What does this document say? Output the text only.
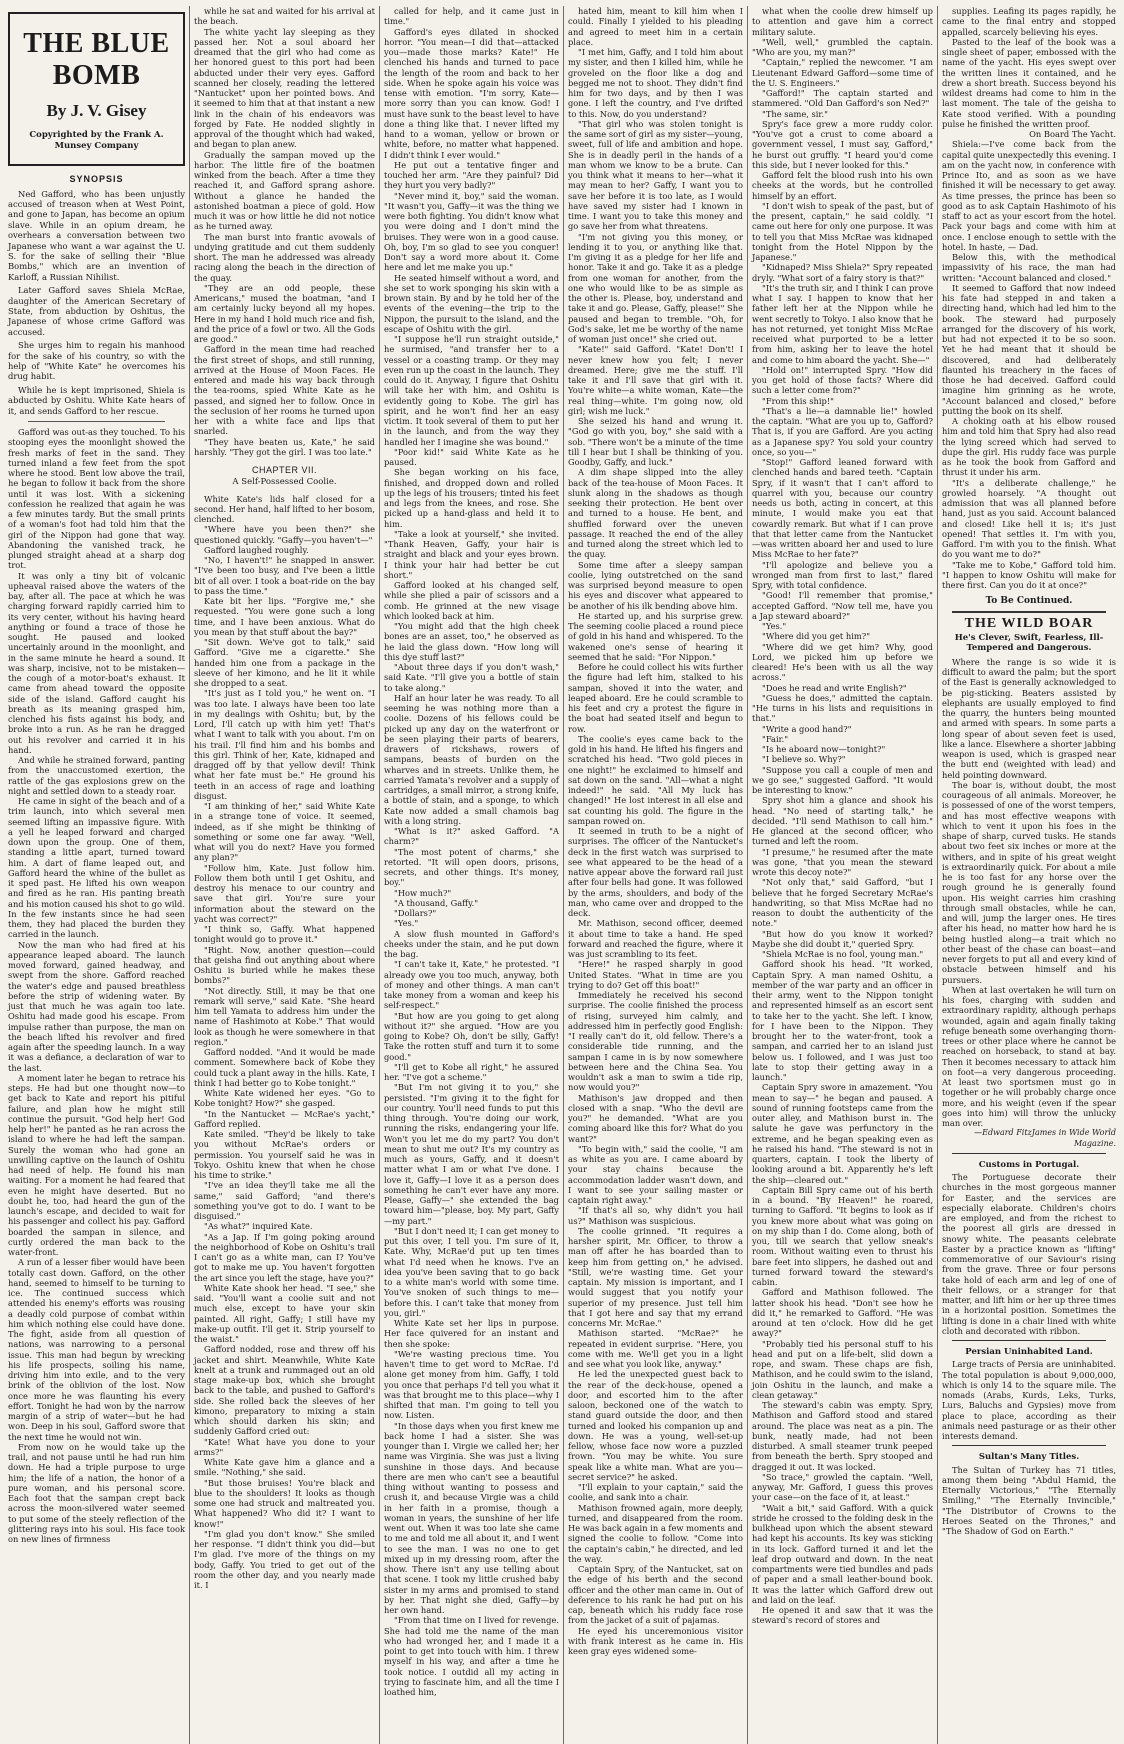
THE BLUE BOMB
By J. V. Gisey
Copyrighted by the Frank A. Munsey Company
SYNOPSIS

Ned Gafford, who has been unjustly accused of treason when at West Point, and gone to Japan, has become an opium slave. While in an opium dream, he overhears a conversation between two Japanese who want a war against the U. S. for the sake of selling their "Blue Bombs," which are an invention of Karloff, a Russian Nihilist.

Later Gafford saves Shiela McRae, daughter of the American Secretary of State, from abduction by Oshitus, the Japanese of whose crime Gafford was accused.

She urges him to regain his manhood for the sake of his country, so with the help of "White Kate" he overcomes his drug habit.

While he is kept imprisoned, Shiela is abducted by Oshitu. White Kate hears of it, and sends Gafford to her rescue.

Gafford was out-as they touched. To his stooping eyes the moonlight showed the fresh marks of feet in the sand. They turned inland a few feet from the spot where he stood. Bent low above the trail, he began to follow it back from the shore until it was lost. With a sickening confession he realized that again he was a few minutes tardy. But the small prints of a woman's foot had told him that the girl of the Nippon had gone that way. Abandoning the vanished track, he plunged straight ahead at a sharp dog trot.

It was only a tiny bit of volcanic upheaval raised above the waters of the bay, after all. The pace at which he was charging forward rapidly carried him to its very center, without his having heard anything or found a trace of those he sought. He paused and looked uncertainly around in the moonlight, and in the same minute he heard a sound. It was sharp, incisive, not to be mistaken—the cough of a motor-boat's exhaust. It came from ahead toward the opposite side of the island. Gafford caught his breath as its meaning grasped him, clenched his fists against his body, and broke into a run. As he ran he dragged out his revolver and carried it in his hand.

And while he strained forward, panting from the unaccustomed exertion, the rattle of the gas explosions grew on the night and settled down to a steady roar.

He came in sight of the beach and of a trim launch, into which several men seemed lifting an impassive figure. With a yell he leaped forward and charged down upon the group. One of them, standing a little apart, turned toward him. A dart of flame leaped out, and Gafford heard the whine of the bullet as it sped past. He lifted his own weapon and fired as he ran. His panting breath and his motion caused his shot to go wild. In the few instants since he had seen them, they had placed the burden they carried in the launch.

Now the man who had fired at his appearance leaped aboard. The launch moved forward, gained headway, and swept from the shore. Gafford reached the water's edge and paused breathless before the strip of widening water. By just that much he was again too late. Oshitu had made good his escape. From impulse rather than purpose, the man on the beach lifted his revolver and fired again after the speeding launch. In a way it was a defiance, a declaration of war to the last.

A moment later he began to retrace his steps. He had but one thought now—to get back to Kate and report his pitiful failure, and plan how he might still continue the pursuit. "God help her! God help her!" he panted as he ran across the island to where he had left the sampan. Surely the woman who had gone an unwilling captive on the launch of Oshitu had need of help. He found his man waiting. For a moment he had feared that even he might have deserted. But no doubt he, too, had heard the gun of the launch's escape, and decided to wait for his passenger and collect his pay. Gafford boarded the sampan in silence, and curtly ordered the man back to the water-front.

A run of a lesser fiber would have been totally cast down. Gafford, on the other hand, seemed to himself to be turning to ice. The continued success which attended his enemy's efforts was rousing a deadly cold purpose of combat within him which nothing else could have done. The fight, aside from all question of nations, was narrowing to a personal issue. This man had begun by wrecking his life prospects, soiling his name, driving him into exile, and to the very brink of the oblivion of the lost. Now once more he was flaunting his every effort. Tonight he had won by the narrow margin of a strip of water—but he had won. Deep in his soul, Gafford swore that the next time he would not win.

From now on he would take up the trail, and not pause until he had run him down. He had a triple purpose to urge him; the life of a nation, the honor of a pure woman, and his personal score. Each foot that the sampan crept back across the moon-silvered water seemed to put some of the steely reflection of the glittering rays into his soul. His face took on new lines of firmness

while he sat and waited for his arrival at the beach.

The white yacht lay sleeping as they passed her. Not a soul aboard her dreamed that the girl who had come as her honored guest to this port had been abducted under their very eyes. Gafford scanned her closely, reading the lettered "Nantucket" upon her pointed bows. And it seemed to him that at that instant a new link in the chain of his endeavors was forged by Fate. He nodded slightly in approval of the thought which had waked, and began to plan anew.

Gradually the sampan moved up the harbor. The little fire of the boatmen winked from the beach. After a time they reached it, and Gafford sprang ashore. Without a glance he handed the astonished boatman a piece of gold. How much it was or how little he did not notice as he turned away.

The man burst into frantic avowals of undying gratitude and cut them suddenly short. The man he addressed was already racing along the beach in the direction of the quay.

"They are an odd people, these Americans," mused the boatman, "and I am certainly lucky beyond all my hopes. Here in my hand I hold much rice and fish, and the price of a fowl or two. All the Gods are good."

Gafford in the mean time had reached the first street of shops, and still running, arrived at the House of Moon Faces. He entered and made his way back through the tea-rooms, spied White Kate as he passed, and signed her to follow. Once in the seclusion of her rooms he turned upon her with a white face and lips that snarled.

"They have beaten us, Kate," he said harshly. "They got the girl. I was too late."

CHAPTER VII.
A Self-Possessed Coolie.

White Kate's lids half closed for a second. Her hand, half lifted to her bosom, clenched.

"Where have you been then?" she questioned quickly. "Gaffy—you haven't—"

Gafford laughed roughly.

"No, I haven't!" he snapped in answer. "I've been too busy, and I've been a little bit of all over. I took a boat-ride on the bay to pass the time."

Kate bit her lips. "Forgive me," she requested. "You were gone such a long time, and I have been anxious. What do you mean by that stuff about the bay?"

"Sit down. We've got to talk," said Gafford. "Give me a cigarette." She handed him one from a package in the sleeve of her kimono, and he lit it while she dropped to a seat.

"It's just as I told you," he went on. "I was too late. I always have been too late in my dealings with Oshitu; but, by the Lord, I'll catch up with him yet! That's what I want to talk with you about. I'm on his trail. I'll find him and his bombs and this girl. Think of her, Kate, kidnaped and dragged off by that yellow devil! Think what her fate must be." He ground his teeth in an access of rage and loathing disgust.

"I am thinking of her," said White Kate in a strange tone of voice. It seemed, indeed, as if she might be thinking of something or some one far away. "Well, what will you do next? Have you formed any plan?"

"Follow him, Kate. Just follow him. Follow them both until I get Oshitu, and destroy his menace to our country and save that girl. You're sure your information about the steward on the yacht was correct?"

"I think so, Gaffy. What happened tonight would go to prove it."

"Right. Now, another question—could that geisha find out anything about where Oshitu is buried while he makes these bombs?"

"Not directly. Still, it may be that one remark will serve," said Kate. "She heard him tell Yamata to address him under the name of Hashimoto at Kobe." That would look as though he were somewhere in that region."

Gafford nodded. "And it would be made comment. Somewhere back of Kobe they could tuck a plant away in the hills. Kate, I think I had better go to Kobe tonight."

White Kate widened her eyes. "Go to Kobe tonight? How?" she gasped.

"In the Nantucket — McRae's yacht," Gafford replied.

Kate smiled. "They'd be likely to take you without McRae's orders or permission. You yourself said he was in Tokyo. Oshitu knew that when he chose his time to strike."

"I've an idea they'll take me all the same," said Gafford; "and there's something you've got to do. I want to be disguised."

"As what?" inquired Kate.

"As a Jap. If I'm going poking around the neighborhood of Kobe on Oshitu's trail I can't go as a white man, can I? You've got to make me up. You haven't forgotten the art since you left the stage, have you?"

White Kate shook her head. "I see," she said. "You'll want a coolie suit and not much else, except to have your skin painted. All right, Gaffy; I still have my make-up outfit. I'll get it. Strip yourself to the waist."

Gafford nodded, rose and threw off his jacket and shirt. Meanwhile, White Kate knelt at a trunk and rummaged out an old stage make-up box, which she brought back to the table, and pushed to Gafford's side. She rolled back the sleeves of her kimono, preparatory to mixing a stain which should darken his skin; and suddenly Gafford cried out:

"Kate! What have you done to your arms?"

White Kate gave him a glance and a smile. "Nothing," she said.

"But those bruises! You're black and blue to the shoulders! It looks as though some one had struck and maltreated you. What happened? Who did it? I want to know!"

"I'm glad you don't know." She smiled her response. "I didn't think you did—but I'm glad. I've more of the things on my body, Gaffy. You tried to get out of the room the other day, and you nearly made it. I

called for help, and it came just in time."

Gafford's eyes dilated in shocked horror. "You mean—I did that—attacked you—made those marks? Kate!" He clenched his hands and turned to pace the length of the room and back to her side. When he spoke again his voice was tense with emotion. "I'm sorry, Kate—more sorry than you can know. God! I must have sunk to the beast level to have done a thing like that. I never lifted my hand to a woman, yellow or brown or white, before, no matter what happened. I didn't think I ever would."

He put out a tentative finger and touched her arm. "Are they painful? Did they hurt you very badly?"

"Never mind it, boy," said the woman. "It wasn't you, Gaffy—it was the thing we were both fighting. You didn't know what you were doing and I don't mind the bruises. They were won in a good cause. Oh, boy, I'm so glad to see you conquer! Don't say a word more about it. Come here and let me make you up."

He seated himself without a word, and she set to work sponging his skin with a brown stain. By and by he told her of the events of the evening—the trip to the Nippon, the pursuit to the island, and the escape of Oshitu with the girl.

"I suppose he'll run straight outside," he surmised, "and transfer her to a vessel or a coasting tramp. Or they may even run up the coast in the launch. They could do it. Anyway, I figure that Oshitu will take her with him, and Oshitu is evidently going to Kobe. The girl has spirit, and he won't find her an easy victim. It took several of them to put her in the launch, and from the way they handled her I imagine she was bound."

"Poor kid!" said White Kate as he paused.

She began working on his face, finished, and dropped down and rolled up the legs of his trousers; tinted his feet and legs from the knees, and rose. She picked up a hand-glass and held it to him.

"Take a look at yourself," she invited. "Thank Heaven, Gaffy, your hair is straight and black and your eyes brown. I think your hair had better be cut short."

Gafford looked at his changed self, while she plied a pair of scissors and a comb. He grinned at the new visage which looked back at him.

"You might add that the high cheek bones are an asset, too," he observed as he laid the glass down. "How long will this dye stuff last?"

"About three days if you don't wash," said Kate. "I'll give you a bottle of stain to take along."

Half an hour later he was ready. To all seeming he was nothing more than a coolie. Dozens of his fellows could be picked up any day on the waterfront or be seen playing their parts of bearers, drawers of rickshaws, rowers of sampans, beasts of burden on the wharves and in streets. Unlike them, he carried Yamata's revolver and a supply of cartridges, a small mirror, a strong knife, a bottle of stain, and a sponge, to which Kate now added a small chamois bag with a long string.

"What is it?" asked Gafford. "A charm?"

"The most potent of charms," she retorted. "It will open doors, prisons, secrets, and other things. It's money, boy."

"How much?"

"A thousand, Gaffy."

"Dollars?"

"Yes."

A slow flush mounted in Gafford's cheeks under the stain, and he put down the bag.

"I can't take it, Kate," he protested. "I already owe you too much, anyway, both of money and other things. A man can't take money from a woman and keep his self-respect."

"But how are you going to get along without it?" she argued. "How are you going to Kobe? Oh, don't be silly, Gaffy! Take the rotten stuff and turn it to some good."

"I'll get to Kobe all right," he assured her. "I've got a scheme."

"But I'm not giving it to you," she persisted. "I'm giving it to the fight for our country. You'll need funds to put this thing through. You're doing our work, running the risks, endangering your life. Won't you let me do my part? You don't mean to shut me out? It's my country as much as yours, Gaffy, and it doesn't matter what I am or what I've done. I love it, Gaffy—I love it as a person does something he can't ever have any more. Please, Gaffy—" she extended the bag toward him—"please, boy. My part, Gaffy—my part."

"But I don't need it; I can get money to put this over, I tell you. I'm sure of it, Kate. Why, McRae'd put up ten times what I'd need when he knows. I've an idea you've been saving that to go back to a white man's world with some time. You've snoken of such things to me—before this. I can't take that money from you, girl."

White Kate set her lips in purpose. Her face quivered for an instant and then she spoke:

"We're wasting precious time. You haven't time to get word to McRae. I'd alone get money from him. Gaffy, I told you once that perhaps I'd tell you what it was that brought me to this place—why I shifted that man. I'm going to tell you now. Listen.

"In those days when you first knew me back home I had a sister. She was younger than I. Virgie we called her; her name was Virginia. She was just a living sunshine in those days. And because there are men who can't see a beautiful thing without wanting to possess and crush it, and because Virgie was a child in her faith in a promise, though a woman in years, the sunshine of her life went out. When it was too late she came to me and told me all about it, and I went to see the man. I was no one to get mixed up in my dressing room, after the show. There isn't any use telling about that scene. I took my little crushed baby sister in my arms and promised to stand by her. That night she died, Gaffy—by her own hand.

"From that time on I lived for revenge. She had told me the name of the man who had wronged her, and I made it a point to get into touch with him. I threw myself in his way, and after a time he took notice. I outdid all my acting in trying to fascinate him, and all the time I loathed him,

hated him, meant to kill him when I could. Finally I yielded to his pleading and agreed to meet him in a certain place.

"I met him, Gaffy, and I told him about my sister, and then I killed him, while he groveled on the floor like a dog and begged me not to shoot. They didn't find him for two days, and by then I was gone. I left the country, and I've drifted to this. Now, do you understand?

"That girl who was stolen tonight is the same sort of girl as my sister—young, sweet, full of life and ambition and hope. She is in deadly peril in the hands of a man whom we know to be a brute. Can you think what it means to her—what it may mean to her? Gaffy, I want you to save her before it is too late, as I would have saved my sister had I known in time. I want you to take this money and go save her from what threatens.

"I'm not giving you this money, or lending it to you, or anything like that. I'm giving it as a pledge for her life and honor. Take it and go. Take it as a pledge from one woman for another, from the one who would like to be as simple as the other is. Please, boy, understand and take it and go. Please, Gaffy, please!" She paused and began to tremble. "Oh, for God's sake, let me be worthy of the name of woman just once!" she cried out.

"Kate!" said Gafford. "Kate! Don't! I never knew how you felt; I never dreamed. Here; give me the stuff. I'll take it and I'll save that girl with it. You're white—a white woman, Kate—the real thing—white. I'm going now, old girl; wish me luck."

She seized his hand and wrung it. "God go with you, boy," she said with a sob. "There won't be a minute of the time till I hear but I shall be thinking of you. Goodby, Gaffy, and luck."

A dim shape slipped into the alley back of the tea-house of Moon Faces. It slunk along in the shadows as though seeking their protection. He bent over and turned to a house. He bent, and shuffled forward over the uneven passage. It reached the end of the alley and turned along the street which led to the quay.

Some time after a sleepy sampan coolie, lying outstretched on the sand was surprised beyond measure to open his eyes and discover what appeared to be another of his ilk bending above him.

He started up, and his surprise grew. The seeming coolie placed a round piece of gold in his hand and whispered. To the wakened one's sense of hearing it seemed that he said: "For Nippon."

Before he could collect his wits further the figure had left him, stalked to his sampan, shoved it into the water, and leaped aboard. Ere he could scramble to his feet and cry a protest the figure in the boat had seated itself and begun to row.

The coolie's eyes came back to the gold in his hand. He lifted his fingers and scratched his head. "Two gold pieces in one night!" he exclaimed to himself and sat down on the sand. "All—what a night indeed!" he said. "All My luck has changed!" He lost interest in all else and sat counting his gold. The figure in the sampan rowed on.

It seemed in truth to be a night of surprises. The officer of the Nantucket's deck in the first watch was surprised to see what appeared to be the head of a native appear above the forward rail just after four bells had gone. It was followed by the arms, shoulders, and body of the man, who came over and dropped to the deck.

Mr. Mathison, second officer, deemed it about time to take a hand. He sped forward and reached the figure, where it was just scrambling to its feet.

"Here!" he rasped sharply in good United States. "What in time are you trying to do? Get off this boat!"

Immediately he received his second surprise. The coolie finished the process of rising, surveyed him calmly, and addressed him in perfectly good English: "I really can't do it, old fellow. There's a considerable tide running, and the sampan I came in is by now somewhere between here and the China Sea. You wouldn't ask a man to swim a tide rip, now would you?"

Mathison's jaw dropped and then closed with a snap. "Who the devil are you?" he demanded. "What are you coming aboard like this for? What do you want?"

"To begin with," said the coolie, "I am as white as you are. I came aboard by your stay chains because the accommodation ladder wasn't down, and I want to see your sailing master or captain right away."

"If that's all so, why didn't you hail us?" Mathison was suspicious.

The coolie grinned. "It requires a harsher spirit, Mr. Officer, to throw a man off after he has boarded than to keep him from getting on," he advised. "Still, we're wasting time. Get your captain. My mission is important, and I would suggest that you notify your superior of my presence. Just tell him that I got here and say that my errand concerns Mr. McRae."

Mathison started. "McRae?" he repeated in evident surprise. "Here, you come with me. We'll get you in a light and see what you look like, anyway."

He led the unexpected guest back to the rear of the deck-house, opened a door, and escorted him to the after saloon, beckoned one of the watch to stand guard outside the door, and then turned and looked his companion up and down. He was a young, well-set-up fellow, whose face now wore a puzzled frown. "You may be white. You sure speak like a white man. What are you—secret service?" he asked.

"I'll explain to your captain," said the coolie, and sank into a chair.

Mathison frowned again, more deeply, turned, and disappeared from the room. He was back again in a few moments and signed the coolie to follow. "Come into the captain's cabin," he directed, and led the way.

Captain Spry, of the Nantucket, sat on the edge of his berth and the second officer and the other man came in. Out of deference to his rank he had put on his cap, beneath which his ruddy face rose from the jacket of a suit of pajamas.

He eyed his unceremonious visitor with frank interest as he came in. His keen gray eyes widened some-

what when the coolie drew himself up to attention and gave him a correct military salute.

"Well, well," grumbled the captain. "Who are you, my man?"

"Captain," replied the newcomer. "I am Lieutenant Edward Gafford—some time of the U. S. Engineers."

"Gafford!" The captain started and stammered. "Old Dan Gafford's son Ned?"

"The same, sir."

Spry's face grew a more ruddy color. "You've got a crust to come aboard a government vessel, I must say, Gafford," he burst out gruffly. "I heard you'd come this side, but I never looked for this."

Gafford felt the blood rush into his own cheeks at the words, but he controlled himself by an effort.

"I don't wish to speak of the past, but of the present, captain," he said coldly. "I came out here for only one purpose. It was to tell you that Miss McRae was kidnaped tonight from the Hotel Nippon by the Japanese."

"Kidnaped? Miss Shiela?" Spry repeated dryly. "What sort of a fairy story is that?"

"It's the truth sir, and I think I can prove what I say. I happen to know that her father left her at the Nippon while he went secretly to Tokyo. I also know that he has not returned, yet tonight Miss McRae received what purported to be a letter from him, asking her to leave the hotel and come to him aboard the yacht. She—"

"Hold on!" interrupted Spry. "How did you get hold of those facts? Where did such a letter come from?"

"From this ship!"

"That's a lie—a damnable lie!" howled the captain. "What are you up to, Gafford? That is, if you are Gafford. Are you acting as a Japanese spy? You sold your country once, so you—"

"Stop!" Gafford leaned forward with clenched hands and bared teeth. "Captain Spry, if it wasn't that I can't afford to quarrel with you, because our country needs us both, acting in concert, at this minute, I would make you eat that cowardly remark. But what if I can prove that that letter came from the Nantucket—was written aboard her and used to lure Miss McRae to her fate?"

"I'll apologize and believe you a wronged man from first to last," flared Spry, with total confidence.

"Good! I'll remember that promise," accepted Gafford. "Now tell me, have you a Jap steward aboard?"

"Yes."

"Where did you get him?"

"Where did we get him? Why, good Lord, we picked him up before we cleared! He's been with us all the way across."

"Does he read and write English?"

"Guess he does," admitted the captain. "He turns in his lists and requisitions in that."

"Write a good hand?"

"Fair."

"Is he aboard now—tonight?"

"I believe so. Why?"

"Suppose you call a couple of men and we go see," suggested Gafford. "It would be interesting to know."

Spry shot him a glance and shook his head. "No need of starting talk," he decided. "I'll send Mathison to call him." He glanced at the second officer, who turned and left the room.

"I presume," he resumed after the mate was gone, "that you mean the steward wrote this decoy note?"

"Not only that," said Gafford, "but I believe that he forged Secretary McRae's handwriting, so that Miss McRae had no reason to doubt the authenticity of the note."

"But how do you know it worked? Maybe she did doubt it," queried Spry.

"Shiela McRae is no fool, young man."

Gafford shook his head. "It worked, Captain Spry. A man named Oshitu, a member of the war party and an officer in their army, went to the Nippon tonight and represented himself as an escort sent to take her to the yacht. She left. I know, for I have been to the Nippon. They brought her to the water-front, took a sampan, and carried her to an island just below us. I followed, and I was just too late to stop their getting away in a launch."

Captain Spry swore in amazement. "You mean to say—" he began and paused. A sound of running footsteps came from the outer alley, and Mathison burst in. The salute he gave was perfunctory in the extreme, and he began speaking even as he raised his hand. "The steward is not in quarters, captain. I took the liberty of looking around a bit. Apparently he's left the ship—cleared out."

Captain Bill Spry came out of his berth in a bound. "By Heaven!" he roared, turning to Gafford. "It begins to look as if you knew more about what was going on on my ship than I do. Come along, both of you, till we search that yellow sneak's room. Without waiting even to thrust his bare feet into slippers, he dashed out and turned forward toward the steward's cabin.

Gafford and Mathison followed. The latter shook his head. "Don't see how he did it," he remarked to Gafford. "He was around at ten o'clock. How did he get away?"

"Probably tied his personal stuff to his head and put on a life-belt, slid down a rope, and swam. These chaps are fish, Mathison, and he could swim to the island, join Oshitu in the launch, and make a clean getaway."

The steward's cabin was empty. Spry, Mathison and Gafford stood and stared around. The place was neat as a pin. The bunk, neatly made, had not been disturbed. A small steamer trunk peeped from beneath the berth. Spry stooped and dragged it out. It was locked.

"So trace," growled the captain. "Well, anyway, Mr. Gafford, I guess this proves your case—on the face of it, at least."

"Wait a bit," said Gafford. With a quick stride he crossed to the folding desk in the bulkhead upon which the absent steward had kept his accounts. Its key was sticking in its lock. Gafford turned it and let the leaf drop outward and down. In the neat compartments were tied bundles and pads of paper and a small leather-bound book. It was the latter which Gafford drew out and laid on the leaf.

He opened it and saw that it was the steward's record of stores and

supplies. Leafing its pages rapidly, he came to the final entry and stopped appalled, scarcely believing his eyes.

Pasted to the leaf of the book was a single sheet of paper, embossed with the name of the yacht. His eyes swept over the written lines it contained, and he drew a short breath. Success beyond his wildest dreams had come to him in the last moment. The tale of the geisha to Kate stood verified. With a pounding pulse he finished the written proof.

On Board The Yacht.

Shiela:—I've come back from the capital quite unexpectedly this evening. I am on the yacht now, in conference with Prince Ito, and as soon as we have finished it will be necessary to get away. As time presses, the prince has been so good as to ask Captain Hashimoto of his staff to act as your escort from the hotel. Pack your bags and come with him at once. I enclose enough to settle with the hotel. In haste, — Dad.

Below this, with the methodical impassivity of his race, the man had written: "Account balanced and closed."

It seemed to Gafford that now indeed his fate had stepped in and taken a directing hand, which had led him to the book. The steward had purposely arranged for the discovery of his work, but had not expected it to be so soon. Yet he had meant that it should be discovered, and had deliberately flaunted his treachery in the faces of those he had deceived. Gafford could imagine him grinning as he wrote, "Account balanced and closed," before putting the book on its shelf.

A choking oath at his elbow roused him and told him that Spry had also read the lying screed which had served to dupe the girl. His ruddy face was purple as he took the book from Gafford and thrust it under his arm.

"It's a deliberate challenge," he growled hoarsely. "A thought out admission that was all planned before hand, just as you said. Account balanced and closed! Like hell it is; it's just opened! That settles it. I'm with you, Gafford. I'm with you to the finish. What do you want me to do?"

"Take me to Kobe," Gafford told him. "I happen to know Oshitu will make for there first. Can you do it at once?"

To Be Continued.
THE WILD BOAR
He's Clever, Swift, Fearless, Ill-Tempered and Dangerous.

Where the range is so wide it is difficult to award the palm; but the sport of the East is generally acknowledged to be pig-sticking. Beaters assisted by elephants are usually employed to find the quarry, the hunters being mounted and armed with spears. In some parts a long spear of about seven feet is used, like a lance. Elsewhere a shorter jabbing weapon is used, which is grasped near the butt end (weighted with lead) and held pointing downward.

The boar is, without doubt, the most courageous of all animals. Moreover, he is possessed of one of the worst tempers, and has most effective weapons with which to vent it upon his foes in the shape of sharp, curved tusks. He stands about two feet six inches or more at the withers, and in spite of his great weight is extraordinarily quick. For about a mile he is too fast for any horse over the rough ground he is generally found upon. His weight carries him crashing through small obstacles, while he can, and will, jump the larger ones. He tires after his head, no matter how hard he is being hustled along—a trait which no other beast of the chase can boast—and never forgets to put all and every kind of obstacle between himself and his pursuers.

When at last overtaken he will turn on his foes, charging with sudden and extraordinary rapidity, although perhaps wounded, again and again finally taking refuge beneath some overhanging thorn-trees or other place where he cannot be reached on horseback, to stand at bay. Then it becomes necessary to attack him on foot—a very dangerous proceeding. At least two sportsmen must go in together or he will probably charge once more, and his weight (even if the spear goes into him) will throw the unlucky man over.

—Edward FitzJames in Wide World Magazine.
Customs in Portugal.

The Portuguese decorate their churches in the most gorgeous manner for Easter, and the services are especially elaborate. Children's choirs are employed, and from the richest to the poorest all girls are dressed in snowy white. The peasants celebrate Easter by a practice known as "lifting" commemorative of our Saviour's rising from the grave. Three or four persons take hold of each arm and leg of one of their fellows, or a stranger for that matter, and lift him or her up three times in a horizontal position. Sometimes the lifting is done in a chair lined with white cloth and decorated with ribbon.

Persian Uninhabited Land.

Large tracts of Persia are uninhabited. The total population is about 9,000,000, which is only 14 to the square mile. The nomads (Arabs, Kurds, Leks, Turks, Lurs, Baluchs and Gypsies) move from place to place, according as their animals need pasturage or as their other interests demand.

Sultan's Many Titles.

The Sultan of Turkey has 71 titles, among them being "Abdul Hamid, the Eternally Victorious," "The Eternally Smiling," "The Eternally Invincible," "The Distributor of Crowns to the Heroes Seated on the Thrones," and "The Shadow of God on Earth."
